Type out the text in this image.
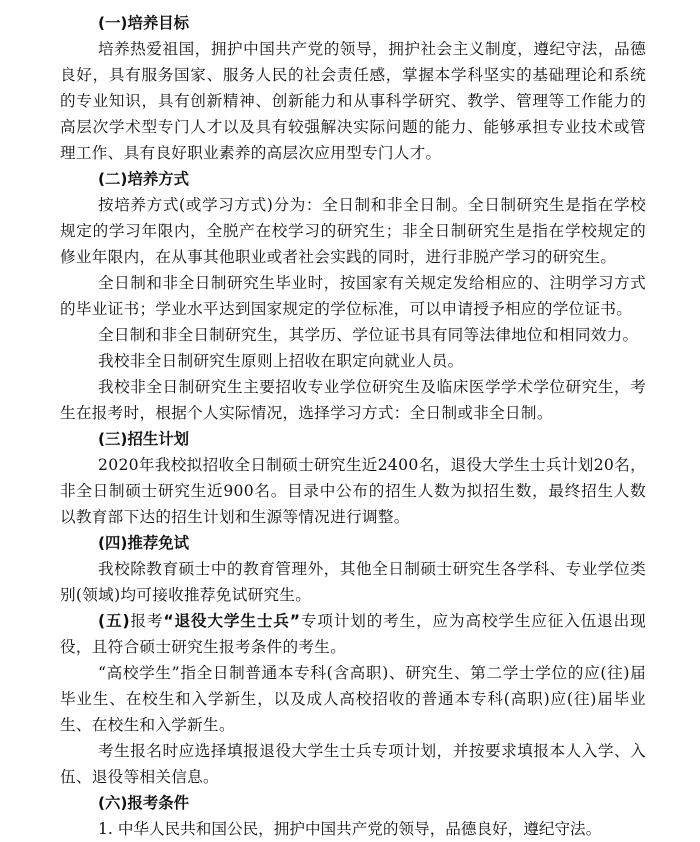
(一)培养目标

培养热爱祖国，拥护中国共产党的领导，拥护社会主义制度，遵纪守法，品德良好，具有服务国家、服务人民的社会责任感，掌握本学科坚实的基础理论和系统的专业知识，具有创新精神、创新能力和从事科学研究、教学、管理等工作能力的高层次学术型专门人才以及具有较强解决实际问题的能力、能够承担专业技术或管理工作、具有良好职业素养的高层次应用型专门人才。

(二)培养方式

按培养方式(或学习方式)分为：全日制和非全日制。全日制研究生是指在学校规定的学习年限内，全脱产在校学习的研究生；非全日制研究生是指在学校规定的修业年限内，在从事其他职业或者社会实践的同时，进行非脱产学习的研究生。

全日制和非全日制研究生毕业时，按国家有关规定发给相应的、注明学习方式的毕业证书；学业水平达到国家规定的学位标准，可以申请授予相应的学位证书。

全日制和非全日制研究生，其学历、学位证书具有同等法律地位和相同效力。

我校非全日制研究生原则上招收在职定向就业人员。

我校非全日制研究生主要招收专业学位研究生及临床医学学术学位研究生，考生在报考时，根据个人实际情况，选择学习方式：全日制或非全日制。

(三)招生计划

2020年我校拟招收全日制硕士研究生近2400名，退役大学生士兵计划20名，非全日制硕士研究生近900名。目录中公布的招生人数为拟招生数，最终招生人数以教育部下达的招生计划和生源等情况进行调整。

(四)推荐免试

我校除教育硕士中的教育管理外，其他全日制硕士研究生各学科、专业学位类别(领域)均可接收推荐免试研究生。

(五)报考“退役大学生士兵”专项计划的考生，应为高校学生应征入伍退出现役，且符合硕士研究生报考条件的考生。

“高校学生”指全日制普通本专科(含高职)、研究生、第二学士学位的应(往)届毕业生、在校生和入学新生，以及成人高校招收的普通本专科(高职)应(往)届毕业生、在校生和入学新生。

考生报名时应选择填报退役大学生士兵专项计划，并按要求填报本人入学、入伍、退役等相关信息。

(六)报考条件

1. 中华人民共和国公民，拥护中国共产党的领导，品德良好，遵纪守法。
